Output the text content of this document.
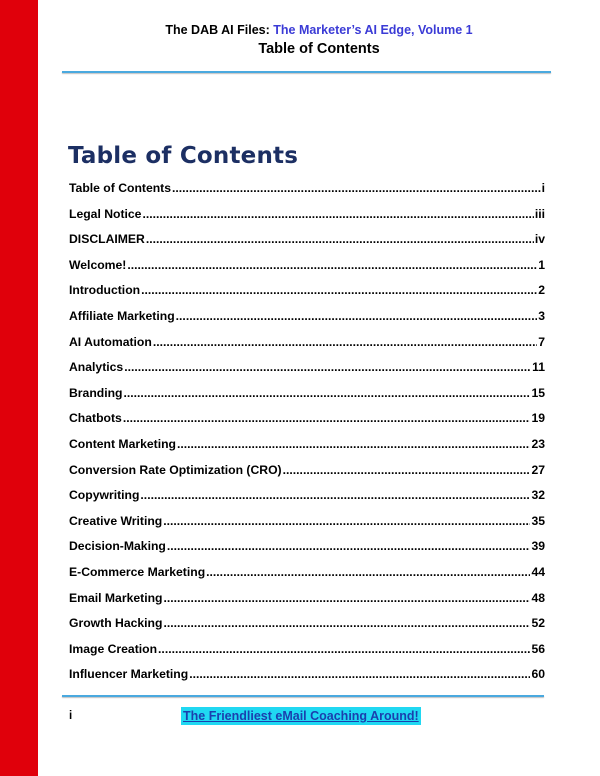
The DAB AI Files: The Marketer’s AI Edge, Volume 1
Table of Contents
Table of Contents
Table of Contents .....	i
Legal Notice .....	iii
DISCLAIMER .....	iv
Welcome! .....	1
Introduction .....	2
Affiliate Marketing .....	3
AI Automation .....	7
Analytics .....	11
Branding .....	15
Chatbots .....	19
Content Marketing .....	23
Conversion Rate Optimization (CRO) .....	27
Copywriting .....	32
Creative Writing .....	35
Decision-Making .....	39
E-Commerce Marketing .....	44
Email Marketing .....	48
Growth Hacking .....	52
Image Creation .....	56
Influencer Marketing .....	60
i	The Friendliest eMail Coaching Around!
